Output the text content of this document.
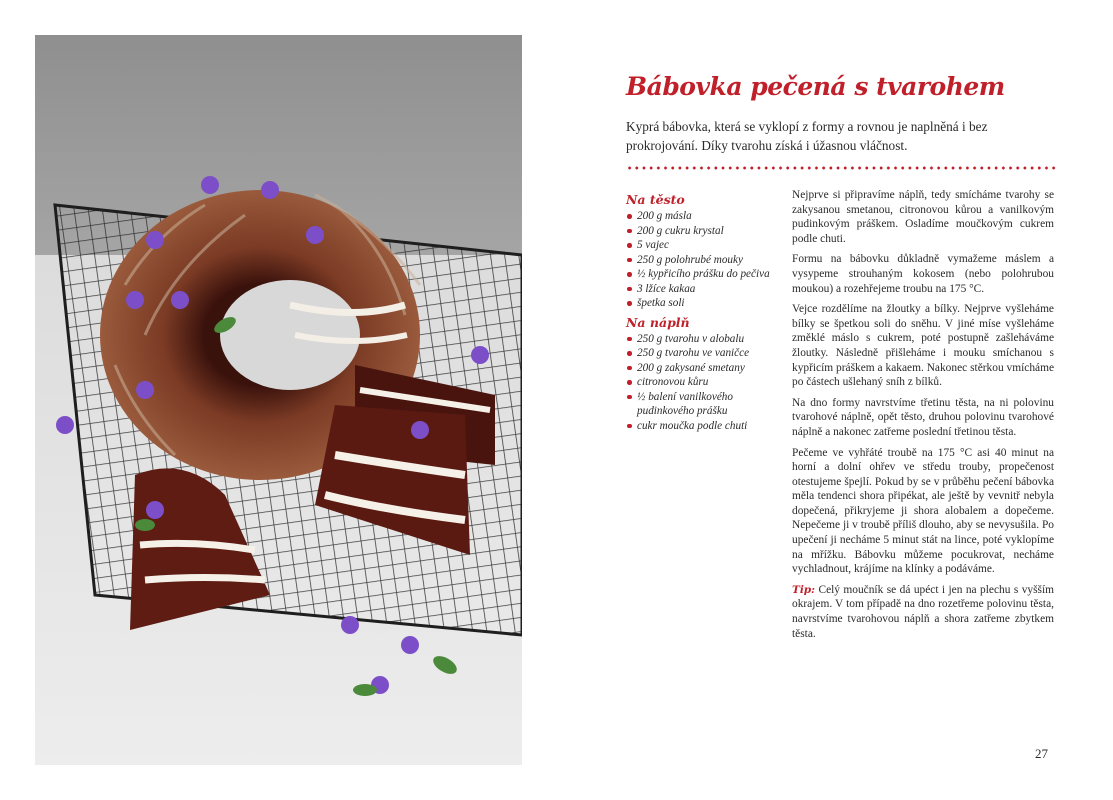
Bábovka pečená s tvarohem
Kyprá bábovka, která se vyklopí z formy a rovnou je naplněná i bez prokrojování. Díky tvarohu získá i úžasnou vláčnost.
Na těsto
200 g másla
200 g cukru krystal
5 vajec
250 g polohrubé mouky
½ kypřicího prášku do pečiva
3 lžíce kakaa
špetka soli
Na náplň
250 g tvarohu v alobalu
250 g tvarohu ve vaničce
200 g zakysané smetany
citronovou kůru
½ balení vanilkového pudinkového prášku
cukr moučka podle chuti

Nejprve si připravíme náplň, tedy smícháme tvarohy se zakysanou smetanou, citronovou kůrou a vanilkovým pudinkovým práškem. Osladíme moučkovým cukrem podle chuti.

Formu na bábovku důkladně vymažeme máslem a vysypeme strouhaným kokosem (nebo polohrubou moukou) a rozehřejeme troubu na 175 °C.

Vejce rozdělíme na žloutky a bílky. Nejprve vyšleháme bílky se špetkou soli do sněhu. V jiné míse vyšleháme změklé máslo s cukrem, poté postupně zašleháváme žloutky. Následně přišleháme i mouku smíchanou s kypřicím práškem a kakaem. Nakonec stěrkou vmícháme po částech ušlehaný sníh z bílků.

Na dno formy navrstvíme třetinu těsta, na ni polovinu tvarohové náplně, opět těsto, druhou polovinu tvarohové náplně a nakonec zatřeme poslední třetinou těsta.

Pečeme ve vyhřáté troubě na 175 °C asi 40 minut na horní a dolní ohřev ve středu trouby, propečenost otestujeme špejlí. Pokud by se v průběhu pečení bábovka měla tendenci shora připékat, ale ještě by vevnitř nebyla dopečená, přikryjeme ji shora alobalem a dopečeme. Nepečeme ji v troubě příliš dlouho, aby se nevysušila. Po upečení ji necháme 5 minut stát na lince, poté vyklopíme na mřížku. Bábovku můžeme pocukrovat, necháme vychladnout, krájíme na klínky a podáváme.

Tip: Celý moučník se dá upéct i jen na plechu s vyšším okrajem. V tom případě na dno rozetřeme polovinu těsta, navrstvíme tvarohovou náplň a shora zatřeme zbytkem těsta.

27
